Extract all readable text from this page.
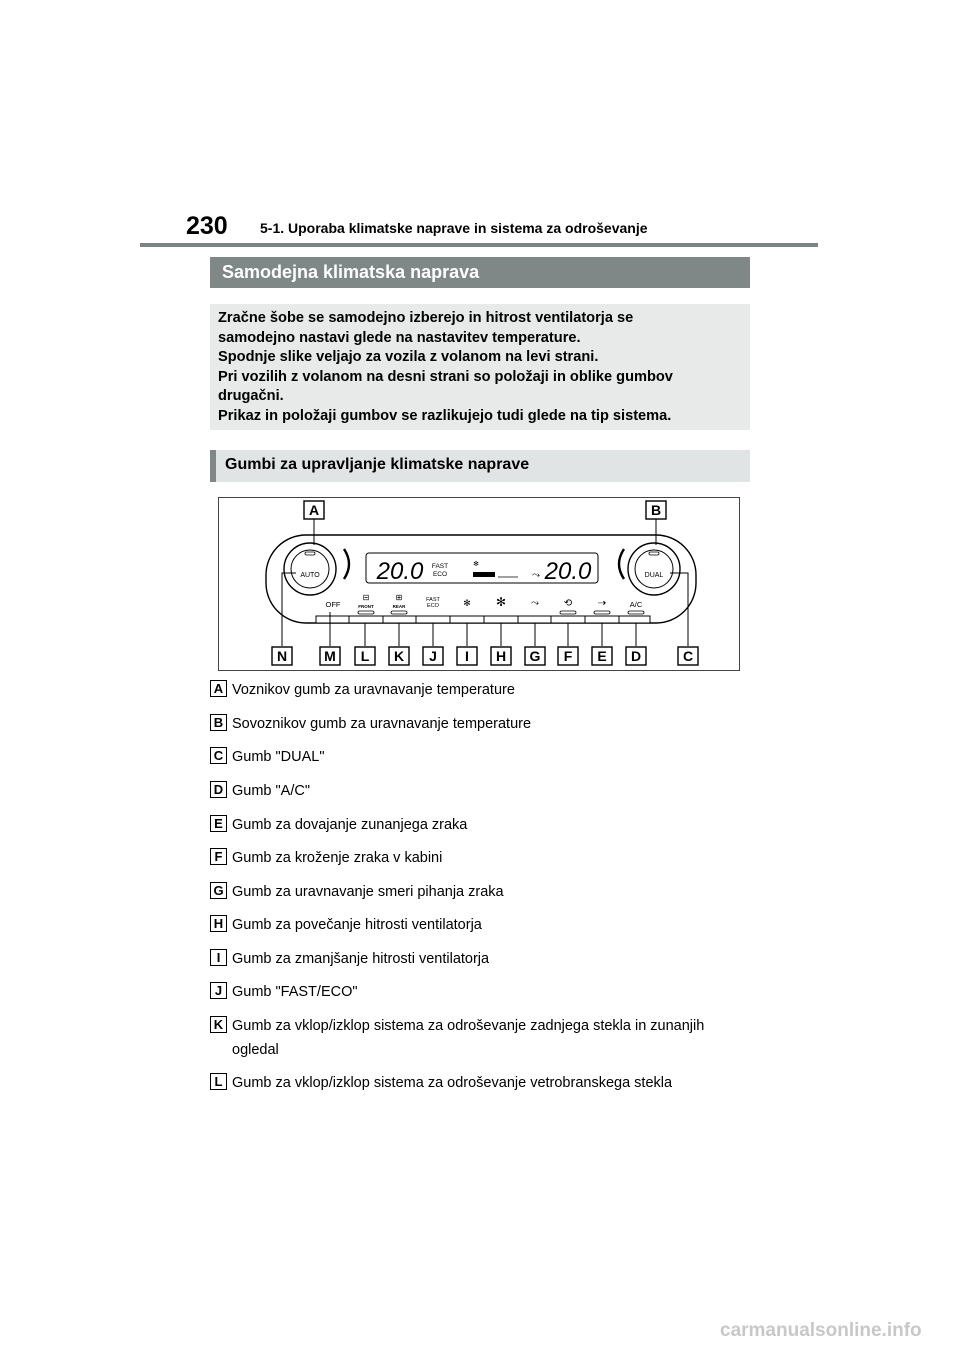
230 5-1. Uporaba klimatske naprave in sistema za odroševanje
Samodejna klimatska naprava
Zračne šobe se samodejno izberejo in hitrost ventilatorja se
samodejno nastavi glede na nastavitev temperature.
Spodnje slike veljajo za vozila z volanom na levi strani.
Pri vozilih z volanom na desni strani so položaji in oblike gumbov
drugačni.
Prikaz in položaji gumbov se razlikujejo tudi glede na tip sistema.
Gumbi za upravljanje klimatske naprave
AUTO	DUAL
20.0 FAST
ECO
✻
⤳ 20.0
OFF
⊟
FRONT
⊞
REAR
FAST
ECO	✻ ✻ ⤳ ⟲	⇢	A/C
A	B
N	M L K J I H G F E D	C
A Voznikov gumb za uravnavanje temperature
B Sovoznikov gumb za uravnavanje temperature
C Gumb "DUAL"
D Gumb "A/C"
E Gumb za dovajanje zunanjega zraka
F Gumb za kroženje zraka v kabini
G Gumb za uravnavanje smeri pihanja zraka
H Gumb za povečanje hitrosti ventilatorja
I Gumb za zmanjšanje hitrosti ventilatorja
J Gumb "FAST/ECO"
K Gumb za vklop/izklop sistema za odroševanje zadnjega stekla in zunanjih ogledal
L Gumb za vklop/izklop sistema za odroševanje vetrobranskega stekla
carmanualsonline.info
